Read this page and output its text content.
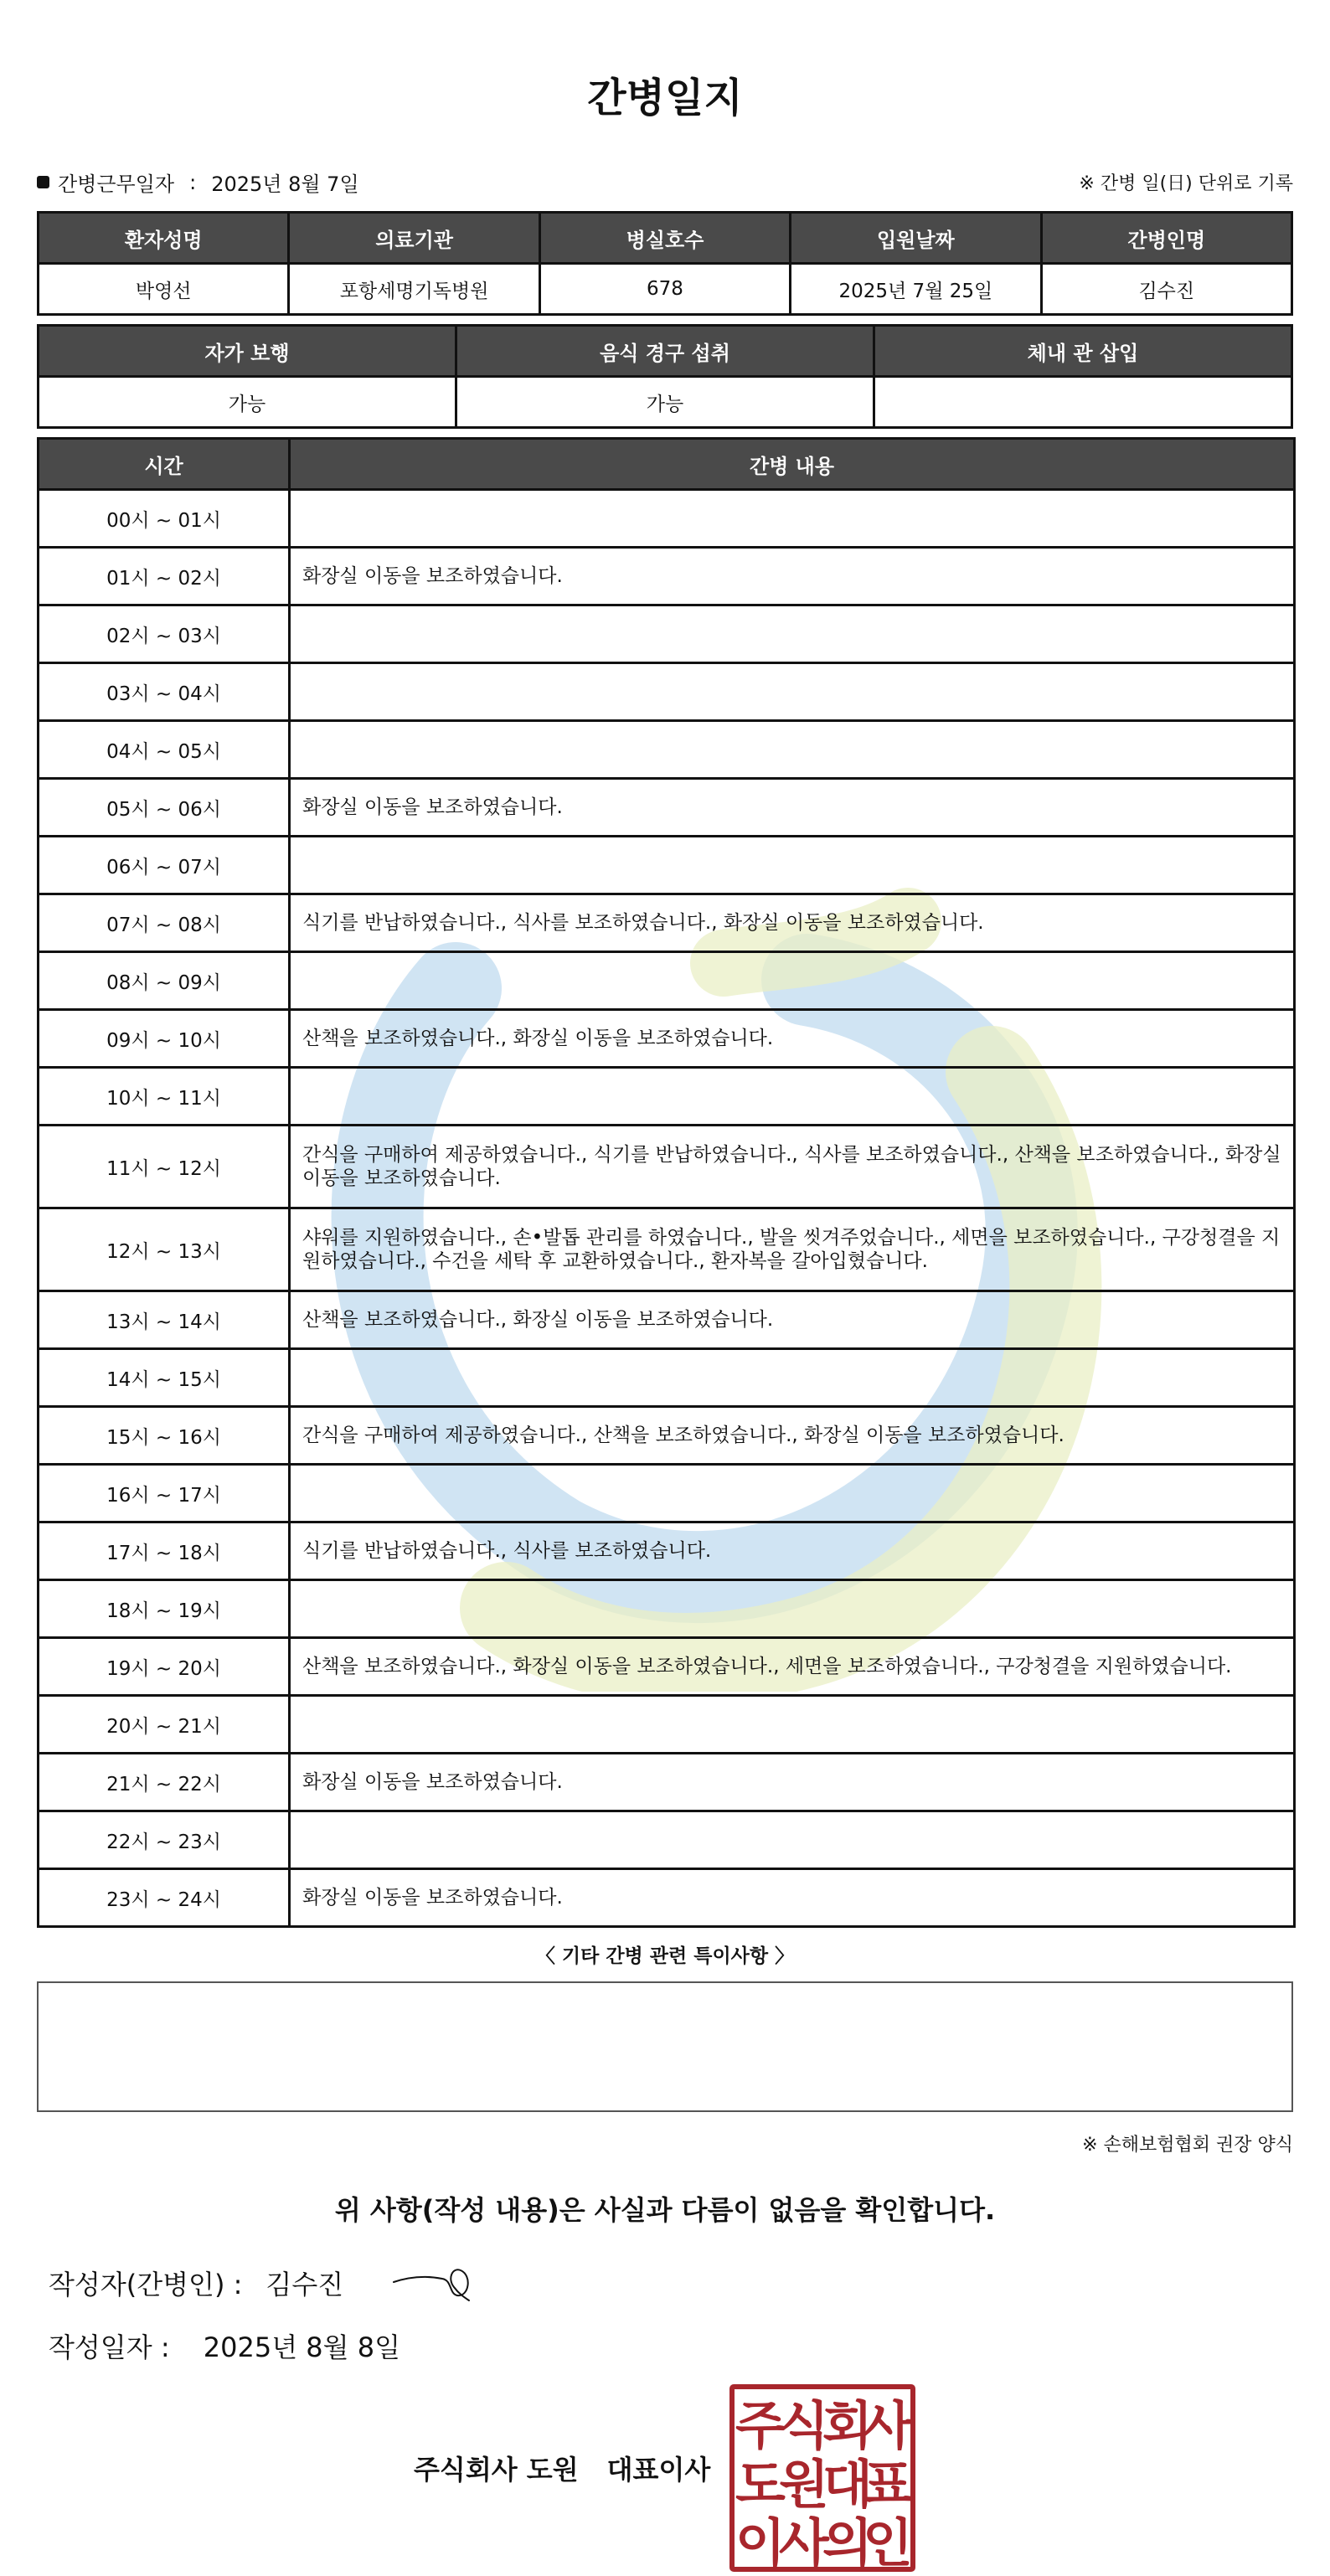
간병일지
간병근무일자 : 2025년 8월 7일	※ 간병 일(日) 단위로 기록
환자성명	의료기관	병실호수	입원날짜	간병인명
박영선	포항세명기독병원	678	2025년 7월 25일	김수진
자가 보행	음식 경구 섭취	체내 관 삽입
가능	가능	
시간	간병 내용
00시 ~ 01시	
01시 ~ 02시	화장실 이동을 보조하였습니다.
02시 ~ 03시	
03시 ~ 04시	
04시 ~ 05시	
05시 ~ 06시	화장실 이동을 보조하였습니다.
06시 ~ 07시	
07시 ~ 08시	식기를 반납하였습니다., 식사를 보조하였습니다., 화장실 이동을 보조하였습니다.
08시 ~ 09시	
09시 ~ 10시	산책을 보조하였습니다., 화장실 이동을 보조하였습니다.
10시 ~ 11시	
11시 ~ 12시	간식을 구매하여 제공하였습니다., 식기를 반납하였습니다., 식사를 보조하였습니다., 산책을 보조하였습니다., 화장실 이동을 보조하였습니다.
12시 ~ 13시	샤워를 지원하였습니다., 손•발톱 관리를 하였습니다., 발을 씻겨주었습니다., 세면을 보조하였습니다., 구강청결을 지원하였습니다., 수건을 세탁 후 교환하였습니다., 환자복을 갈아입혔습니다.
13시 ~ 14시	산책을 보조하였습니다., 화장실 이동을 보조하였습니다.
14시 ~ 15시	
15시 ~ 16시	간식을 구매하여 제공하였습니다., 산책을 보조하였습니다., 화장실 이동을 보조하였습니다.
16시 ~ 17시	
17시 ~ 18시	식기를 반납하였습니다., 식사를 보조하였습니다.
18시 ~ 19시	
19시 ~ 20시	산책을 보조하였습니다., 화장실 이동을 보조하였습니다., 세면을 보조하였습니다., 구강청결을 지원하였습니다.
20시 ~ 21시	
21시 ~ 22시	화장실 이동을 보조하였습니다.
22시 ~ 23시	
23시 ~ 24시	화장실 이동을 보조하였습니다.
〈 기타 간병 관련 특이사항 〉
※ 손해보험협회 권장 양식
위 사항(작성 내용)은 사실과 다름이 없음을 확인합니다.
작성자(간병인) : 김수진
작성일자 : 2025년 8월 8일
주식회사 도원 대표이사
주
식
회
사
도
원
대
표
이
사
의
인
